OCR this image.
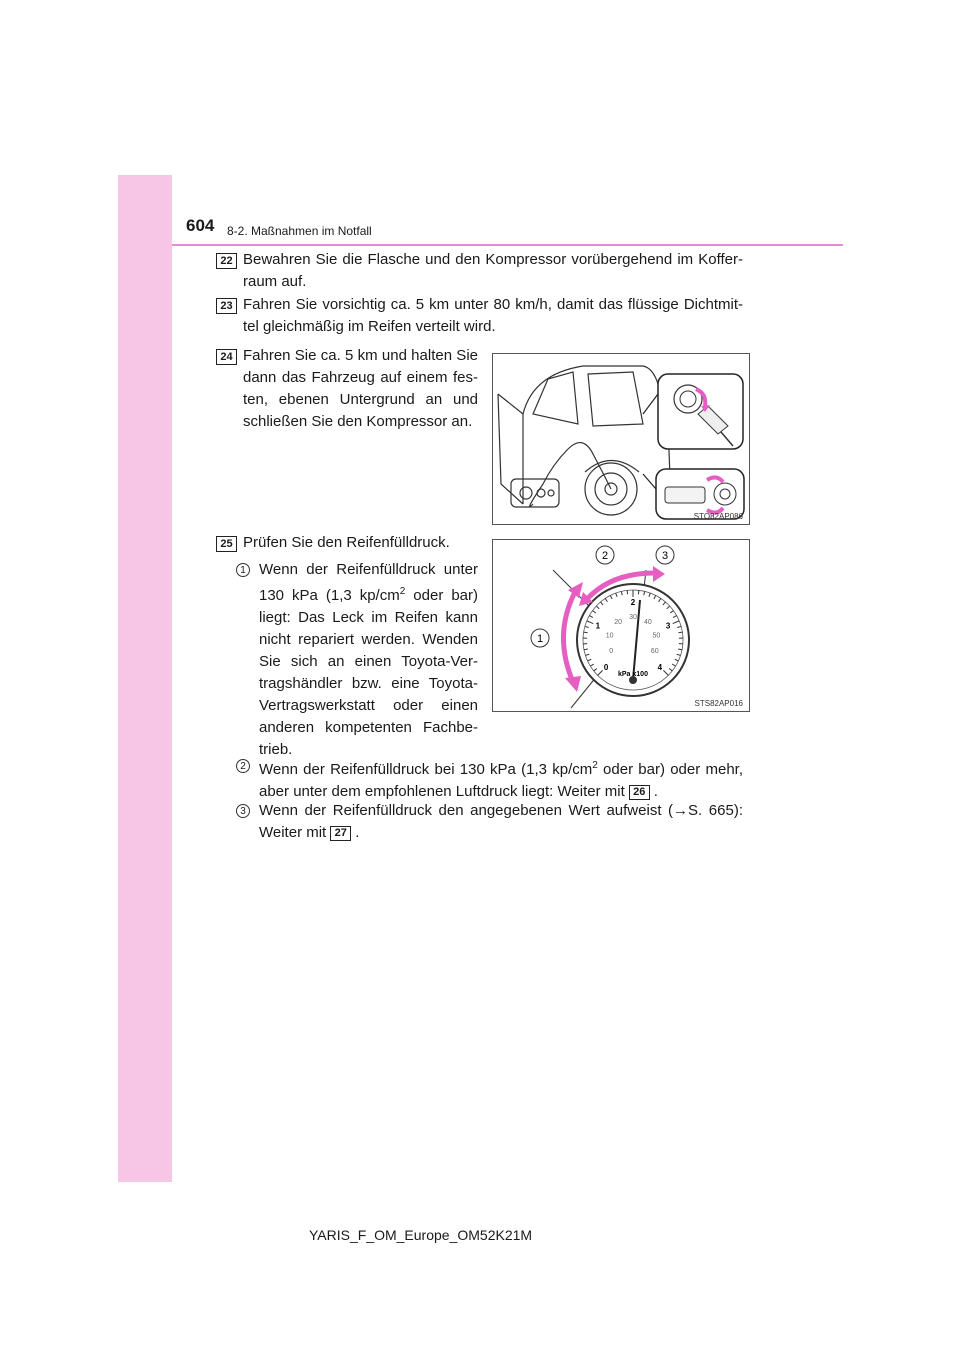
604 8-2. Maßnahmen im Notfall
22 Bewahren Sie die Flasche und den Kompressor vorübergehend im Koffer-raum auf.
23 Fahren Sie vorsichtig ca. 5 km unter 80 km/h, damit das flüssige Dichtmit-tel gleichmäßig im Reifen verteilt wird.
24 Fahren Sie ca. 5 km und halten Sie dann das Fahrzeug auf einem fes-ten, ebenen Untergrund an und schließen Sie den Kompressor an.
STO82AP086
25 Prüfen Sie den Reifenfülldruck.
0
1
2
3
4
0
10
20
30
40
50
60
kPa x100
2	3
1
STS82AP016
1 Wenn der Reifenfülldruck unter 130 kPa (1,3 $kp/cm^2$ oder bar) liegt: Das Leck im Reifen kann nicht repariert werden. Wenden Sie sich an einen Toyota-Ver-tragshändler bzw. eine Toyota-Vertragswerkstatt oder einen anderen kompetenten Fachbe-trieb.
2 Wenn der Reifenfülldruck bei 130 kPa (1,3 $kp/cm^2$ oder bar) oder mehr, aber unter dem empfohlenen Luftdruck liegt: Weiter mit 26 .
3 Wenn der Reifenfülldruck den angegebenen Wert aufweist (→S. 665): Weiter mit 27 .
YARIS_F_OM_Europe_OM52K21M
